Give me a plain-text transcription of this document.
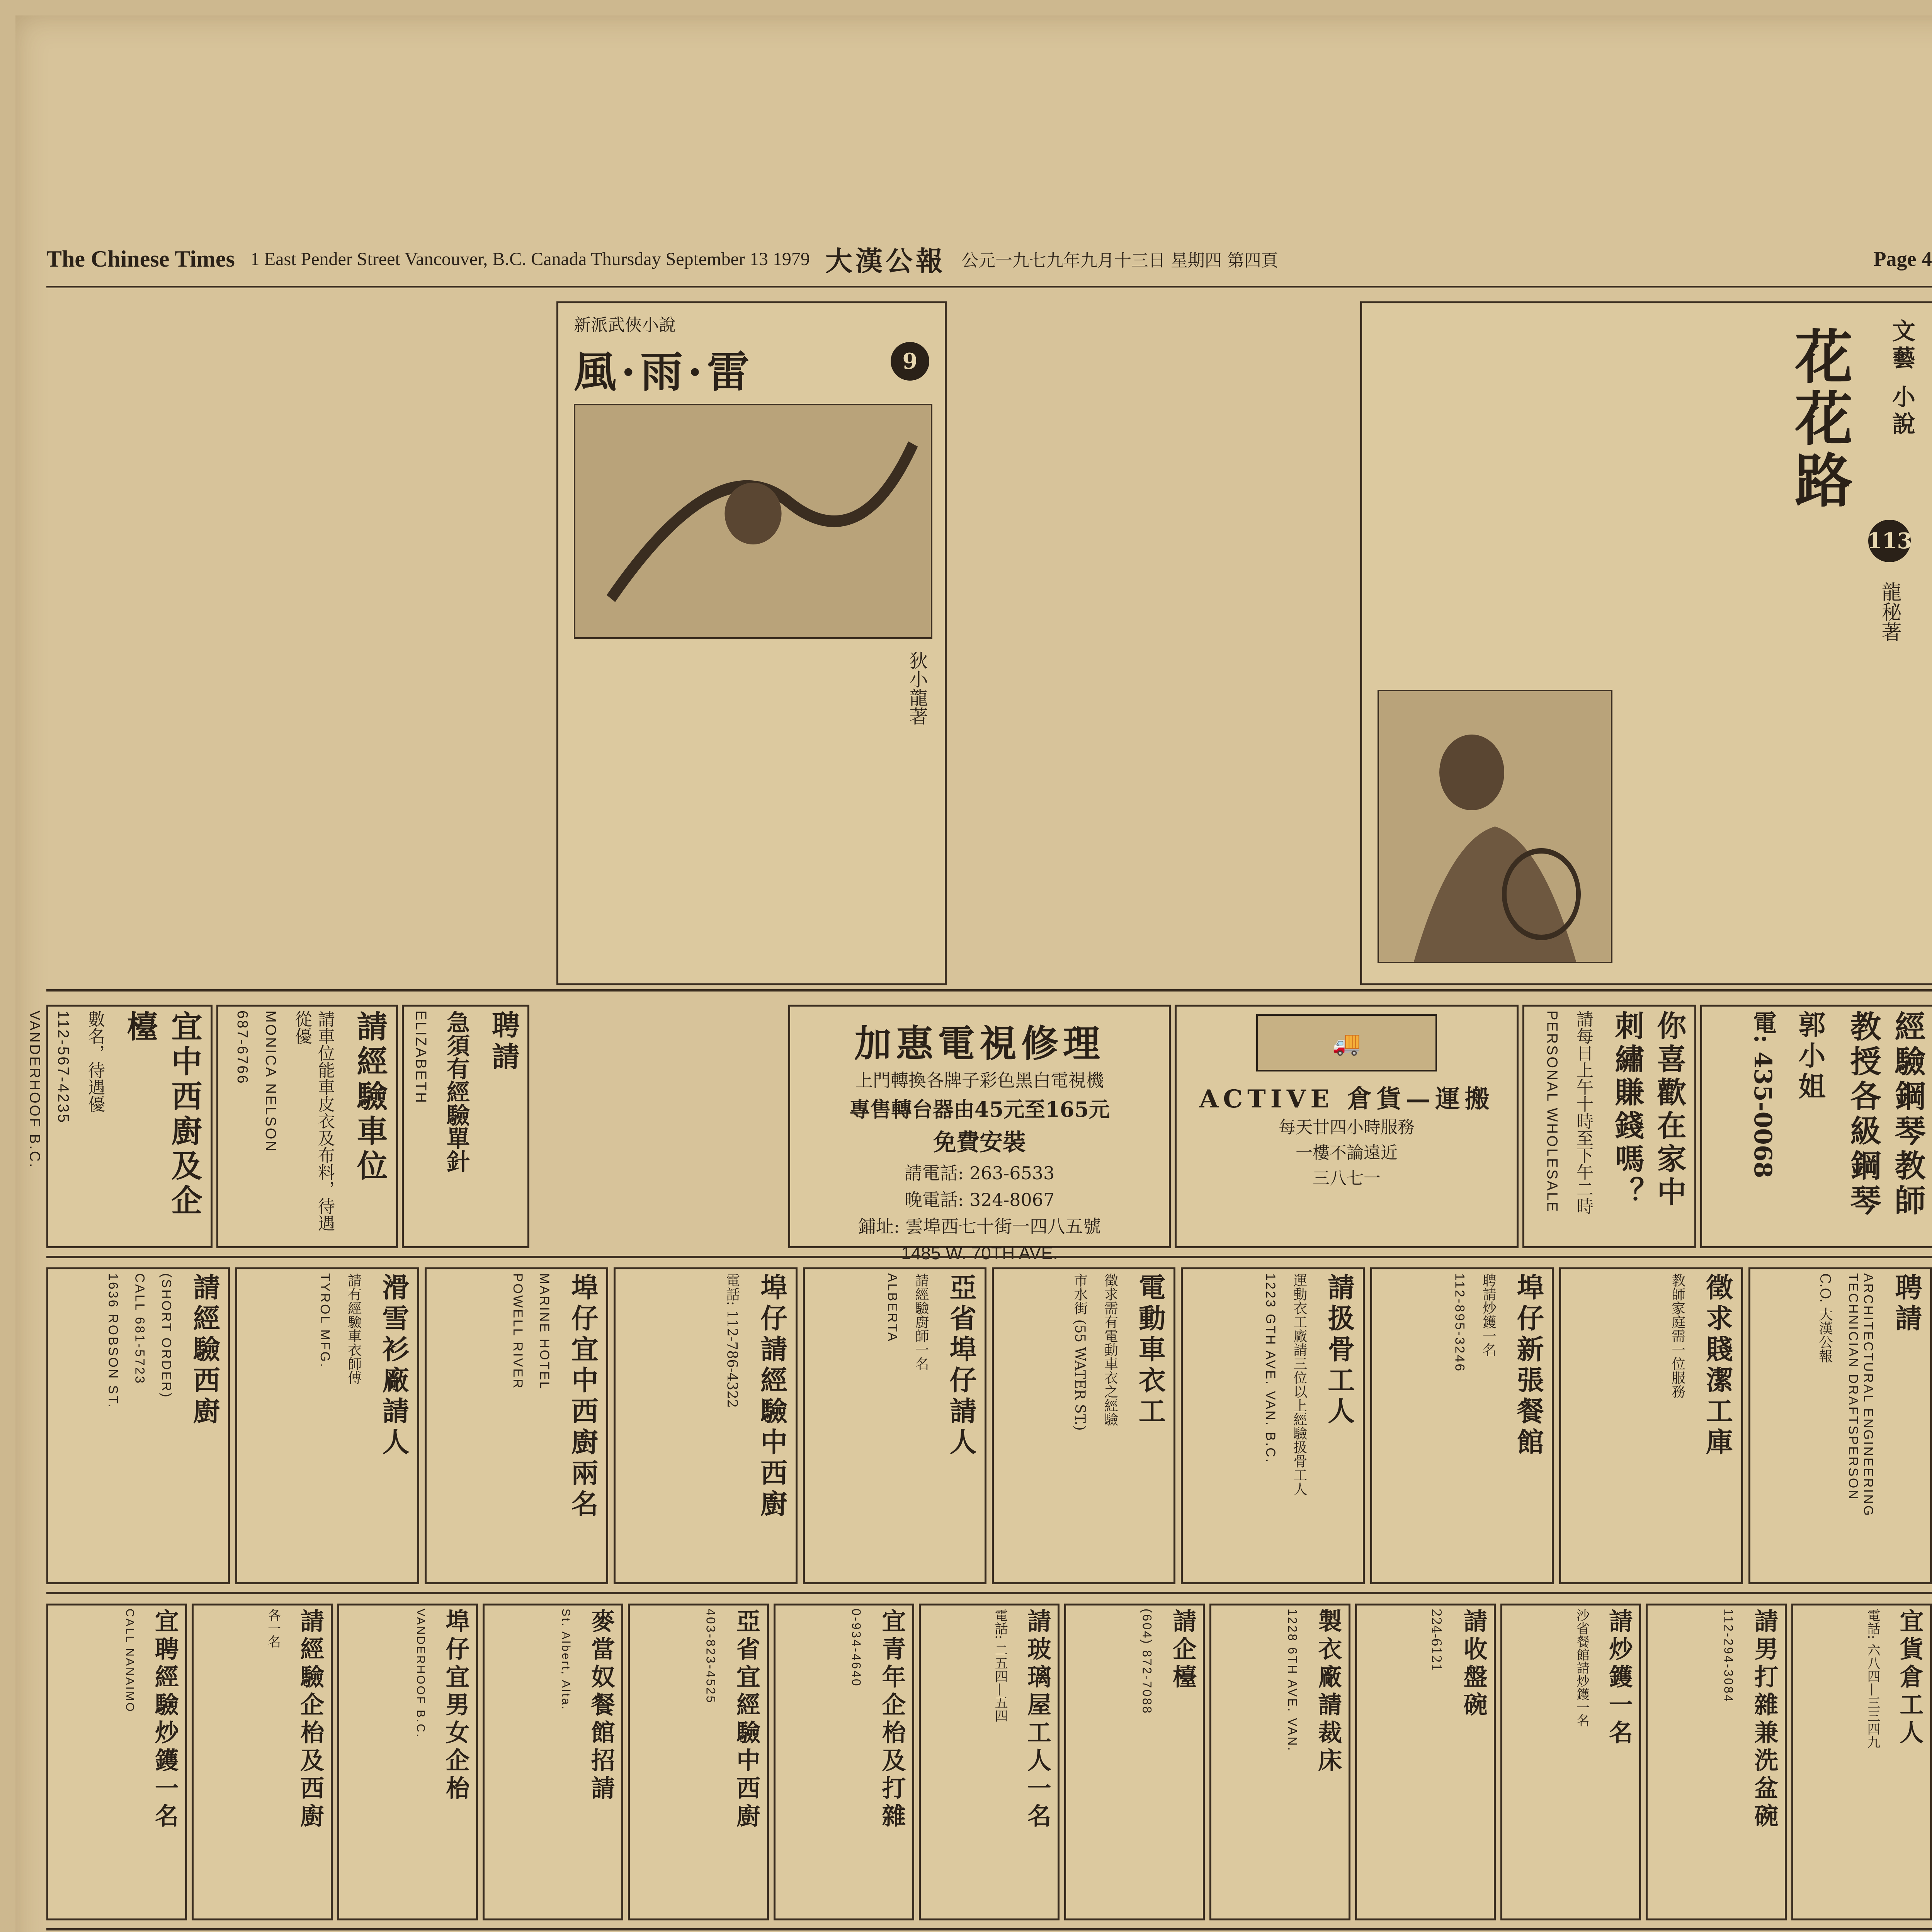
Page 4
The Chinese Times 1 East Pender Street Vancouver, B.C. Canada Thursday September 13 1979 大漢公報 公元一九七九年九月十三日 星期四 第四頁
文藝 小說
花花路
113
龍秘著
新派武俠小說
風·雨·雷	9
狄小龍著
加惠電視修理
上門轉換各牌子彩色黑白電視機
專售轉台器由45元至165元
免費安裝
請電話: 263-6533
晚電話: 324-8067
鋪址: 雲埠西七十街一四八五號
1485 W. 70TH AVE.
聘請
急須有經驗單針
ELIZABETH
請經驗車位
請車位能車皮衣及布料，待遇從優
MONICA NELSON
687-6766
宜中西廚及企檯
數名，待遇優
112-567-4235
VANDERHOOF B.C.	你喜歡在家中刺繡賺錢嗎？
請每日上午十時至下午二時
PERSONAL WHOLESALE	經驗鋼琴教師 教授各級鋼琴
郭小姐
電: 435-0068
🚚
ACTIVE 倉貨—運搬
每天廿四小時服務
一樓不論遠近
三八七一
聘請
ARCHITECTURAL ENGINEERING TECHNICIAN DRAFTSPERSON
C.O. 大漢公報
徵求賤潔工庫
教師家庭需一位服務
埠仔新張餐館
聘請炒鑊一名
112-895-3246
請扱骨工人
運動衣工廠請三位以上經驗扱骨工人
1223 GTH AVE. VAN. B.C.
電動車衣工
徵求需有電動車衣之經驗
市水街 (55 WATER ST.)
亞省埠仔請人
請經驗廚師一名
ALBERTA
埠仔請經驗中西廚
電話: 112-786-4322
埠仔宜中西廚兩名
MARINE HOTEL
POWELL RIVER
滑雪衫廠請人
請有經驗車衣師傅
TYROL MFG.
請經驗西廚
(SHORT ORDER)
CALL 681-5723
1636 ROBSON ST.
宜貨倉工人
電話: 六八四—三三四九
請男打雜兼洗盆碗
112-294-3084
請炒鑊一名
沙省餐館請炒鑊一名
請收盤碗
224-6121
製衣廠請裁床
1228 6TH AVE. VAN.
請企檯
(604) 872-7088
請玻璃屋工人一名
電話: 二五四—五四
宜青年企枱及打雜
0-934-4640
亞省宜經驗中西廚
403-823-4525
麥當奴餐館招請
St. Albert, Alta.
埠仔宜男女企枱
VANDERHOOF B.C.
請經驗企枱及西廚
各一名
宜聘經驗炒鑊一名
CALL NANAIMO
